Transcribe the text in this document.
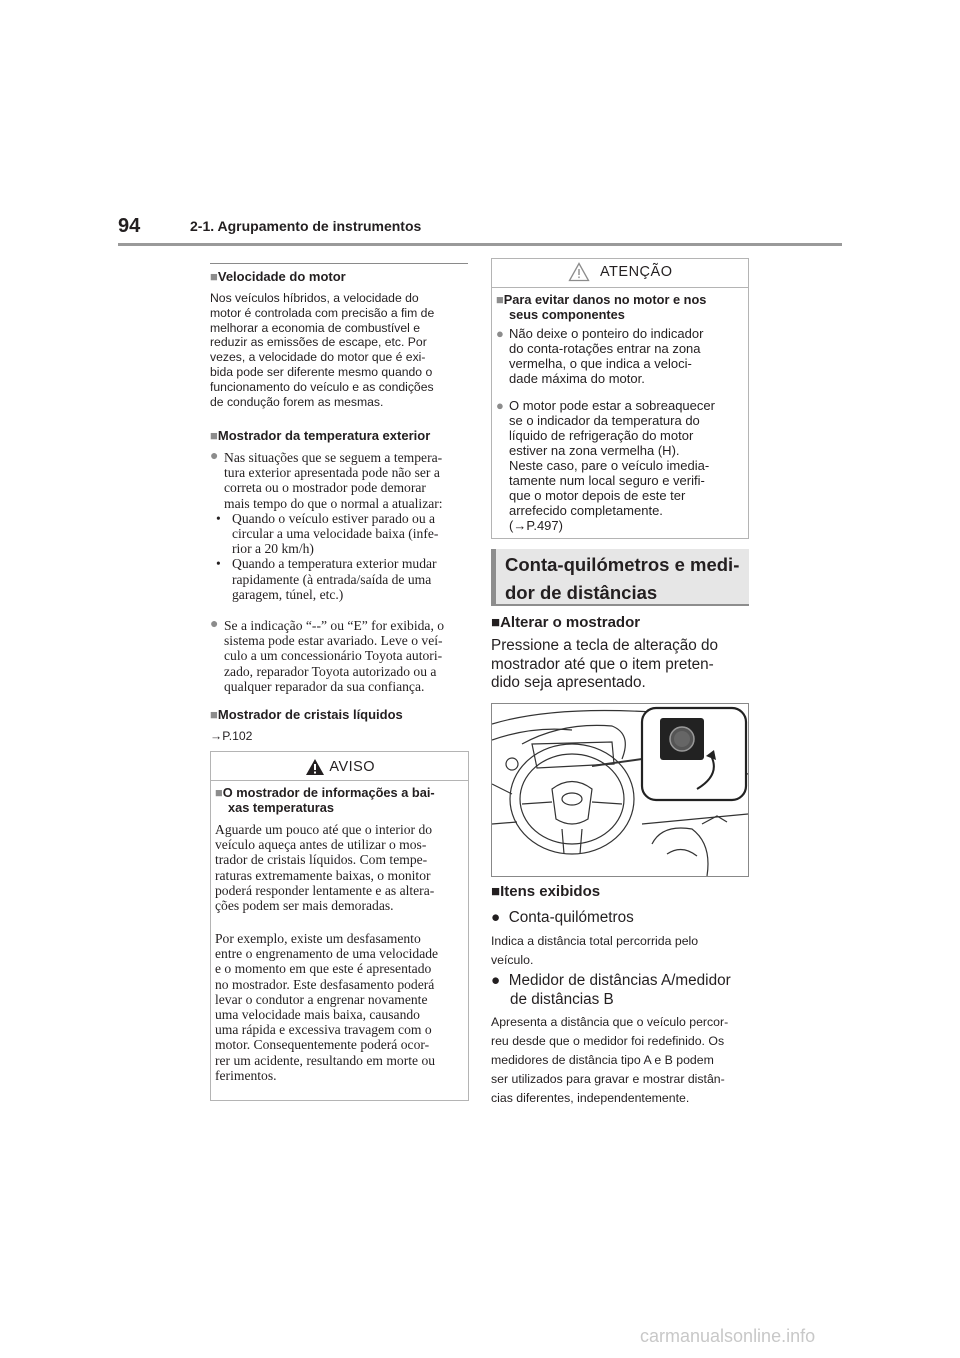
94	2-1. Agrupamento de instrumentos
■Velocidade do motor
Nos veículos híbridos, a velocidade do
motor é controlada com precisão a fim de
melhorar a economia de combustível e
reduzir as emissões de escape, etc. Por
vezes, a velocidade do motor que é exi-
bida pode ser diferente mesmo quando o
funcionamento do veículo e as condições
de condução forem as mesmas.
■Mostrador da temperatura exterior
● Nas situações que se seguem a tempera-
tura exterior apresentada pode não ser a
correta ou o mostrador pode demorar
mais tempo do que o normal a atualizar:
• Quando o veículo estiver parado ou a
circular a uma velocidade baixa (infe-
rior a 20 km/h)
• Quando a temperatura exterior mudar
rapidamente (à entrada/saída de uma
garagem, túnel, etc.)
● Se a indicação “--” ou “E” for exibida, o
sistema pode estar avariado. Leve o veí-
culo a um concessionário Toyota autori-
zado, reparador Toyota autorizado ou a
qualquer reparador da sua confiança.
■Mostrador de cristais líquidos
→P.102
AVISO
■O mostrador de informações a bai-
xas temperaturas
Aguarde um pouco até que o interior do
veículo aqueça antes de utilizar o mos-
trador de cristais líquidos. Com tempe-
raturas extremamente baixas, o monitor
poderá responder lentamente e as altera-
ções podem ser mais demoradas.
Por exemplo, existe um desfasamento
entre o engrenamento de uma velocidade
e o momento em que este é apresentado
no mostrador. Este desfasamento poderá
levar o condutor a engrenar novamente
uma velocidade mais baixa, causando
uma rápida e excessiva travagem com o
motor. Consequentemente poderá ocor-
rer um acidente, resultando em morte ou
ferimentos.
ATENÇÃO
■Para evitar danos no motor e nos
seus componentes
● Não deixe o ponteiro do indicador
do conta-rotações entrar na zona
vermelha, o que indica a veloci-
dade máxima do motor.
● O motor pode estar a sobreaquecer
se o indicador da temperatura do
líquido de refrigeração do motor
estiver na zona vermelha (H).
Neste caso, pare o veículo imedia-
tamente num local seguro e verifi-
que o motor depois de este ter
arrefecido completamente.
(→P.497)
Conta-quilómetros e medi-
dor de distâncias
■Alterar o mostrador
Pressione a tecla de alteração do
mostrador até que o item preten-
dido seja apresentado.
■Itens exibidos
● Conta-quilómetros
Indica a distância total percorrida pelo
veículo.
● Medidor de distâncias A/medidor
de distâncias B
Apresenta a distância que o veículo percor-
reu desde que o medidor foi redefinido. Os
medidores de distância tipo A e B podem
ser utilizados para gravar e mostrar distân-
cias diferentes, independentemente.
carmanualsonline.info
